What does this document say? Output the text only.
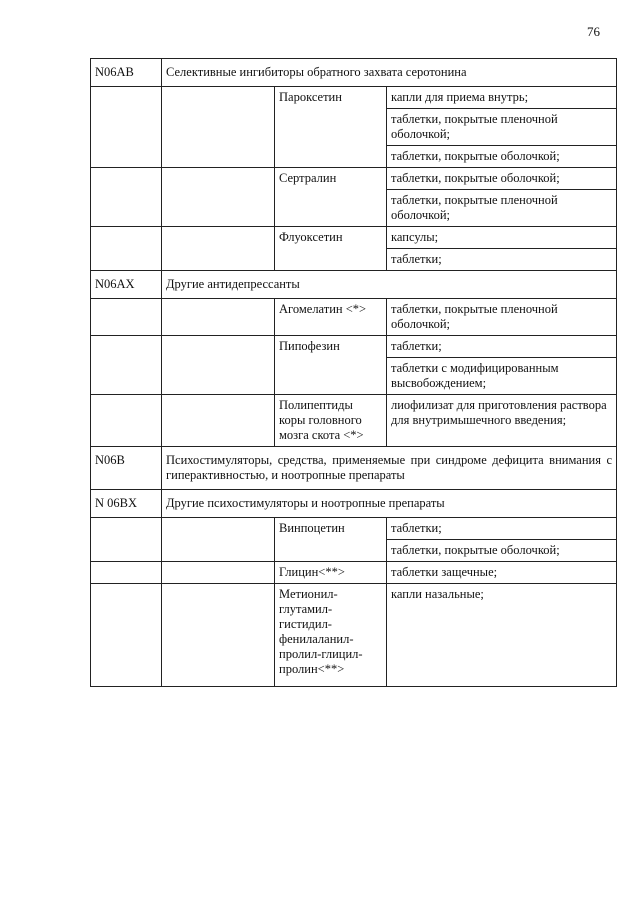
76
N06AB	Селективные ингибиторы обратного захвата серотонина		
		Пароксетин	капли для приема внутрь;
			таблетки, покрытые пленочной оболочкой;
			таблетки, покрытые оболочкой;
		Сертралин	таблетки, покрытые оболочкой;
			таблетки, покрытые пленочной оболочкой;
		Флуоксетин	капсулы;
			таблетки;
N06AX	Другие антидепрессанты		
		Агомелатин <*>	таблетки, покрытые пленочной оболочкой;
		Пипофезин	таблетки;
			таблетки с модифицированным высвобождением;
		Полипептиды коры головного мозга скота <*>	лиофилизат для приготовления раствора для внутримышечного введения;
N06B	Психостимуляторы, средства, применяемые при синдроме дефицита внимания с гиперактивностью, и ноотропные препараты		
N 06BX	Другие психостимуляторы и ноотропные препараты		
		Винпоцетин	таблетки;
			таблетки, покрытые оболочкой;
		Глицин<**>	таблетки защечные;
		Метионил-глутамил-гистидил-фенилаланил-пролил-глицил-пролин<**>	капли назальные;
